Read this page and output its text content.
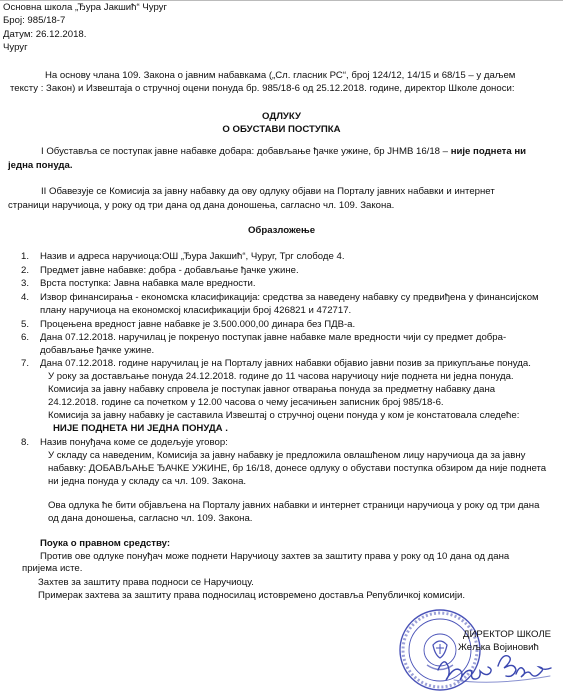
Основна школа „Ђура Јакшић“ Чуруг
Број: 985/18-7
Датум: 26.12.2018.
Чуруг
На основу члана 109. Закона о јавним набавкама („Сл. гласник РС“, број 124/12, 14/15 и 68/15 – у даљем
тексту : Закон) и Извештаја о стручној оцени понуда бр. 985/18-6 од 25.12.2018. године, директор Школе доноси:
ОДЛУКУ
О ОБУСТАВИ ПОСТУПКА
I Обуставља се поступак јавне набавке добара: добављање ђачке ужине, бр ЈНМВ 16/18 – није поднета ни
једна понуда.
II Обавезује се Комисија за јавну набавку да ову одлуку објави на Порталу јавних набавки и интернет
страници наручиоца, у року од три дана од дана доношења, сагласно чл. 109. Закона.
Образложење
1. Назив и адреса наручиоца:ОШ „Ђура Јакшић“, Чуруг, Трг слободе 4.
2. Предмет јавне набавке: добра - добављање ђачке ужине.
3. Врста поступка: Јавна набавка мале вредности.
4. Извор финансирања - економска класификација: средства за наведену набавку су предвиђена у финансијском
плану наручиоца на економској класификацији број 426821 и 472717.
5. Процењена вредност јавне набавке је 3.500.000,00 динара без ПДВ-а.
6. Дана 07.12.2018. наручилац је покренуо поступак јавне набавке мале вредности чији су предмет добра-
добављање ђачке ужине.
7. Дана 07.12.2018. године наручилац је на Порталу јавних набавки објавио јавни позив за прикупљање понуда.
У року за достављање понуда 24.12.2018. године до 11 часова наручиоцу није поднета ни једна понуда.
Комисија за јавну набавку спровела је поступак јавног отварања понуда за предметну набавку дана
24.12.2018. године са почетком у 12.00 часова о чему јесачињен записник број 985/18-6.
Комисија за јавну набавку је саставила Извештај о стручној оцени понуда у ком је констатовала следеће:
НИЈЕ ПОДНЕТА НИ ЈЕДНА ПОНУДА .
8. Назив понуђача коме се додељује уговор:
У складу са наведеним, Комисија за јавну набавку је предложила овлашћеном лицу наручиоца да за јавну
набавку: ДОБАВЉАЊЕ ЂАЧКЕ УЖИНЕ, бр 16/18, донесе одлуку о обустави поступка обзиром да није поднета
ни једна понуда у складу са чл. 109. Закона.
Ова одлука ће бити објављена на Порталу јавних набавки и интернет страници наручиоца у року од три дана
од дана доношења, сагласно чл. 109. Закона.
Поука о правном средству:
Против ове одлуке понуђач може поднети Наручиоцу захтев за заштиту права у року од 10 дана од дана
пријема исте.
Захтев за заштиту права подноси се Наручиоцу.
Примерак захтева за заштиту права подносилац истовремено доставља Републичкој комисији.
ДИРЕКТОР ШКОЛЕ
Жељка Војиновић
